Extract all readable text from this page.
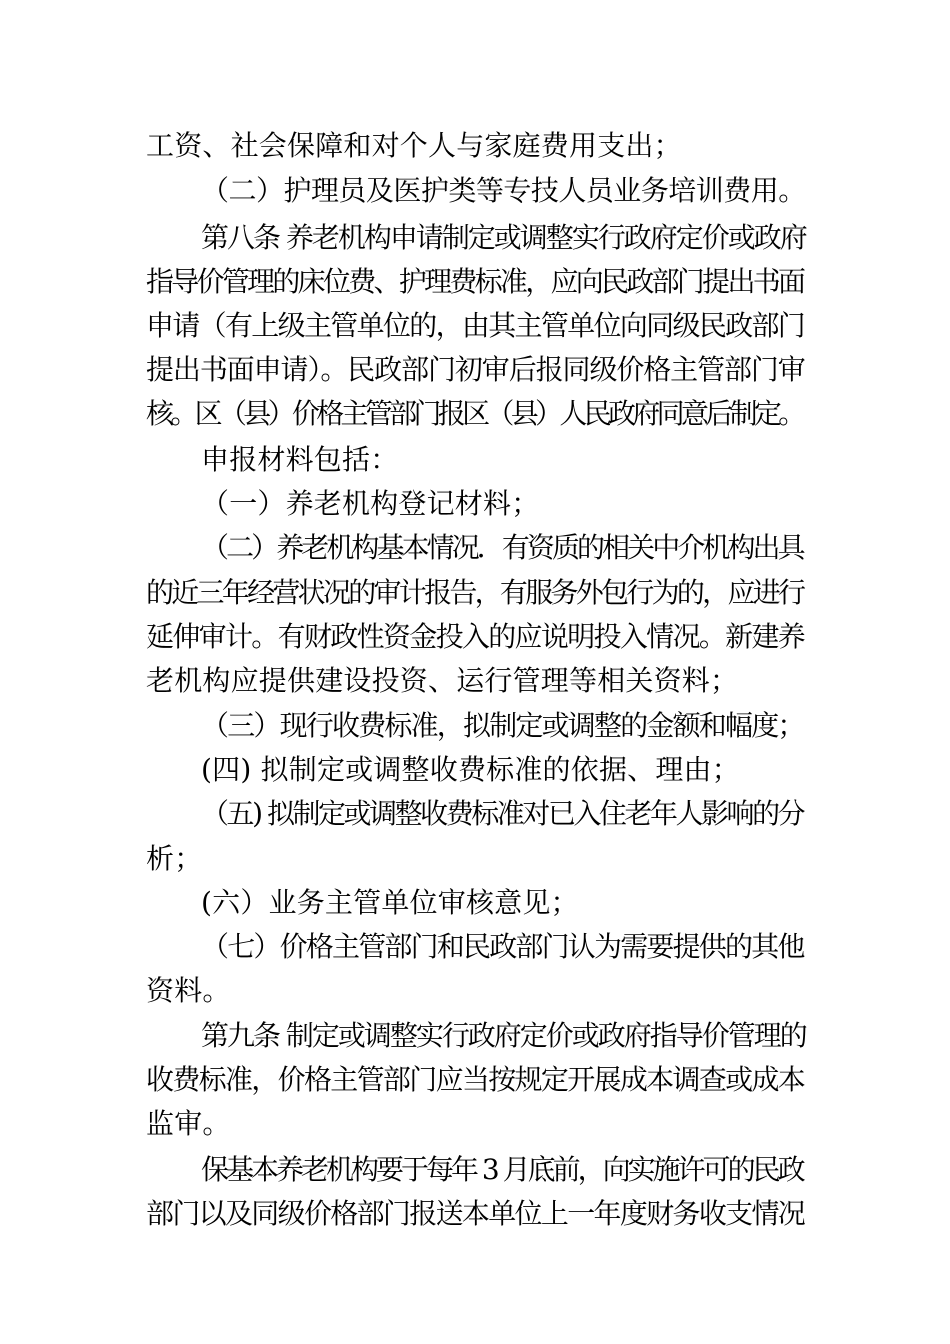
工资、社会保障和对个人与家庭费用支出；
（二）护理员及医护类等专技人员业务培训费用。
第八条 养老机构申请制定或调整实行政府定价或政府
指导价管理的床位费、护理费标准，应向民政部门提出书面
申请（有上级主管单位的，由其主管单位向同级民政部门
提出书面申请）。民政部门初审后报同级价格主管部门审
核。区（县）价格主管部门报区（县）人民政府同意后制定。
申报材料包括：
（一）养老机构登记材料；
（二）养老机构基本情况．有资质的相关中介机构出具
的近三年经营状况的审计报告，有服务外包行为的，应进行
延伸审计。有财政性资金投入的应说明投入情况。新建养
老机构应提供建设投资、运行管理等相关资料；
（三）现行收费标准，拟制定或调整的金额和幅度；
(四) 拟制定或调整收费标准的依据、理由；
（五) 拟制定或调整收费标准对已入住老年人影响的分
析；
(六）业务主管单位审核意见；
（七）价格主管部门和民政部门认为需要提供的其他
资料。
第九条 制定或调整实行政府定价或政府指导价管理的
收费标准，价格主管部门应当按规定开展成本调查或成本
监审。
保基本养老机构要于每年 3 月底前，向实施许可的民政
部门以及同级价格部门报送本单位上一年度财务收支情况
